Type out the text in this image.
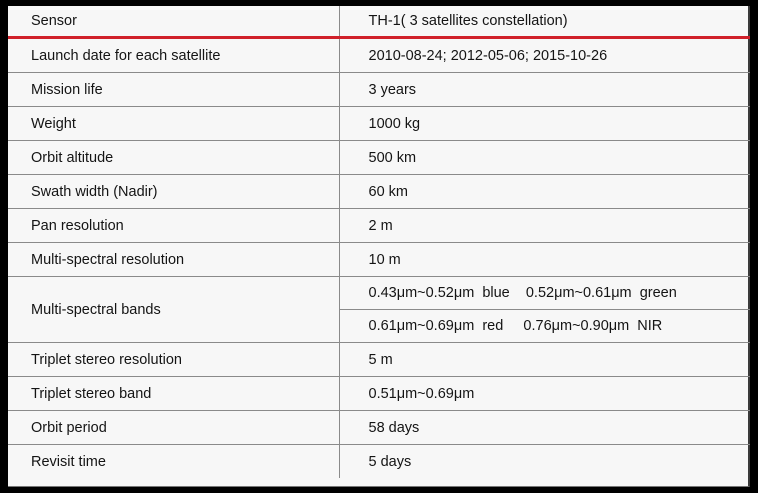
Sensor	TH-1( 3 satellites constellation)
Launch date for each satellite	2010-08-24; 2012-05-06; 2015-10-26
Mission life	3 years
Weight	1000 kg
Orbit altitude	500 km
Swath width (Nadir)	60 km
Pan resolution	2 m
Multi-spectral resolution	10 m
Multi-spectral bands	0.43μm~0.52μm  blue    0.52μm~0.61μm  green
	0.61μm~0.69μm  red     0.76μm~0.90μm  NIR
Triplet stereo resolution	5 m
Triplet stereo band	0.51μm~0.69μm
Orbit period	58 days
Revisit time	5 days
